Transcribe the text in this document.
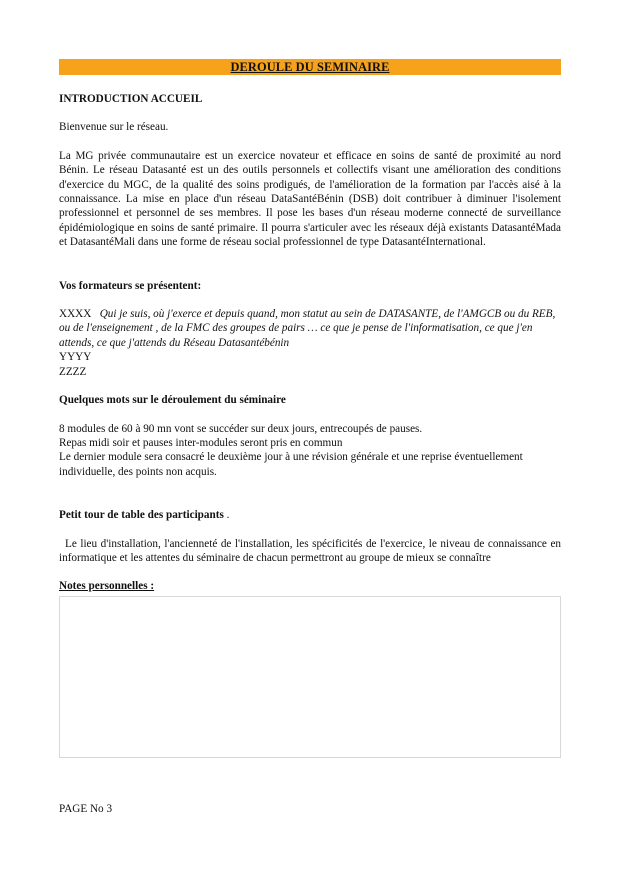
DEROULE DU SEMINAIRE

INTRODUCTION ACCUEIL

Bienvenue sur le réseau.

La MG privée communautaire est un exercice novateur et efficace en soins de santé de proximité au nord Bénin. Le réseau Datasanté est un des outils personnels et collectifs visant une amélioration des conditions d'exercice du MGC, de la qualité des soins prodigués, de l'amélioration de la formation par l'accès aisé à la connaissance. La mise en place d'un réseau DataSantéBénin (DSB) doit contribuer à diminuer l'isolement professionnel et personnel de ses membres. Il pose les bases d'un réseau moderne connecté de surveillance épidémiologique en soins de santé primaire. Il pourra s'articuler avec les réseaux déjà existants DatasantéMada et DatasantéMali dans une forme de réseau social professionnel de type DatasantéInternational.

Vos formateurs se présentent:

XXXX Qui je suis, où j'exerce et depuis quand, mon statut au sein de DATASANTE, de l'AMGCB ou du REB, ou de l'enseignement , de la FMC des groupes de pairs … ce que je pense de l'informatisation, ce que j'en attends, ce que j'attends du Réseau Datasantébénin

YYYY

ZZZZ

Quelques mots sur le déroulement du séminaire

8 modules de 60 à 90 mn vont se succéder sur deux jours, entrecoupés de pauses.
Repas midi soir et pauses inter-modules seront pris en commun
Le dernier module sera consacré le deuxième jour à une révision générale et une reprise éventuellement individuelle, des points non acquis.

Petit tour de table des participants .

Le lieu d'installation, l'ancienneté de l'installation, les spécificités de l'exercice, le niveau de connaissance en informatique et les attentes du séminaire de chacun permettront au groupe de mieux se connaître

Notes personnelles :

PAGE No 3
